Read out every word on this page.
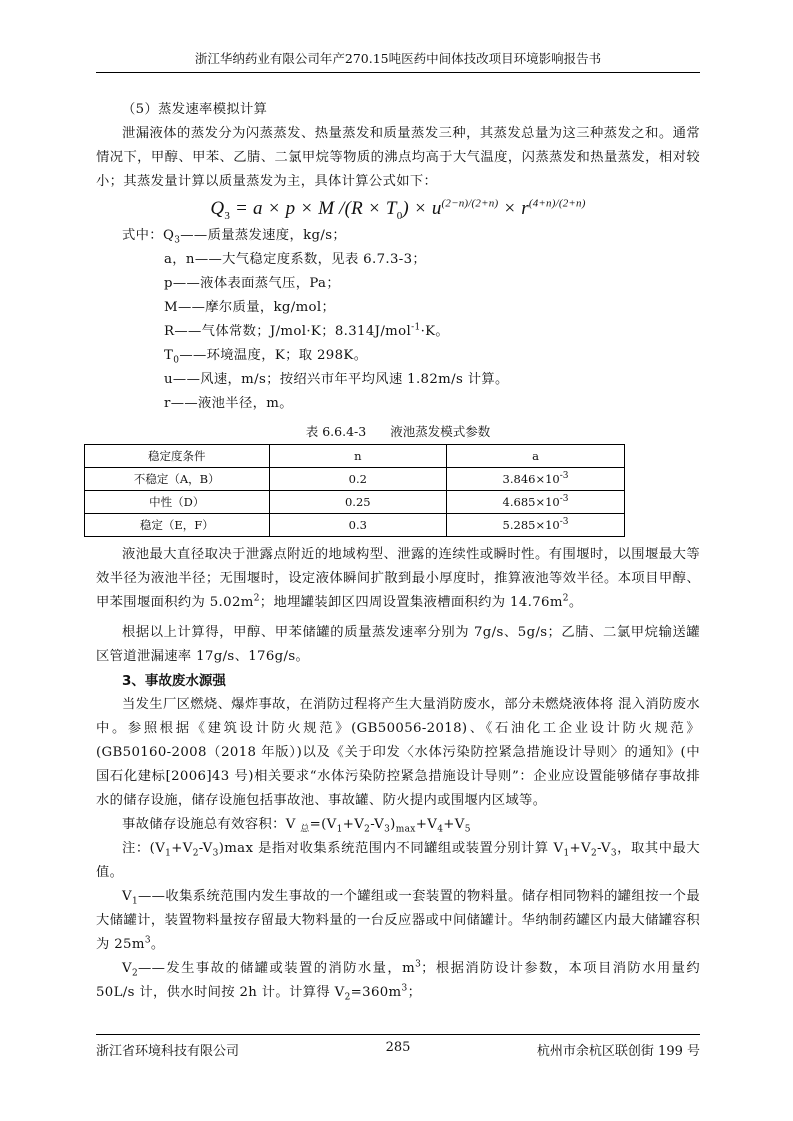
浙江华纳药业有限公司年产270.15吨医药中间体技改项目环境影响报告书

（5）蒸发速率模拟计算

泄漏液体的蒸发分为闪蒸蒸发、热量蒸发和质量蒸发三种，其蒸发总量为这三种蒸发之和。通常情况下，甲醇、甲苯、乙腈、二氯甲烷等物质的沸点均高于大气温度，闪蒸蒸发和热量蒸发，相对较小；其蒸发量计算以质量蒸发为主，具体计算公式如下：

$Q_3 = a \times p \times M$ $/(R \times T_0) \times u^{(2-n)/(2+n)} \times r^{(4+n)/(2+n)}$

式中：$Q_3——$质量蒸发速度，kg/s；

a，n——大气稳定度系数，见表 6.7.3-3；

p——液体表面蒸气压，Pa；

M——摩尔质量，kg/mol；

R——气体常数；J/mol·K；8.314J/mol$^{-1}$·K。

$T_0——$环境温度，K；取 298K。

u——风速，m/s；按绍兴市年平均风速 1.82m/s 计算。

r——液池半径，m。

表 6.6.4-3 液池蒸发模式参数
稳定度条件	n	a
不稳定（A，B）	0.2	$3.846\times 10^{-3}$
中性（D）	0.25	$4.685\times 10^{-3}$
稳定（E，F）	0.3	$5.285\times 10^{-3}$

液池最大直径取决于泄露点附近的地域构型、泄露的连续性或瞬时性。有围堰时，以围堰最大等效半径为液池半径；无围堰时，设定液体瞬间扩散到最小厚度时，推算液池等效半径。本项目甲醇、甲苯围堰面积约为 $5.02m^2$；地埋罐装卸区四周设置集液槽面积约为 $14.76m^2$。

根据以上计算得，甲醇、甲苯储罐的质量蒸发速率分别为 7g/s、5g/s；乙腈、二氯甲烷输送罐区管道泄漏速率 17g/s、176g/s。

3、事故废水源强

当发生厂区燃烧、爆炸事故，在消防过程将产生大量消防废水，部分未燃烧液体将 混入消防废水中。参照根据《建筑设计防火规范》(GB50056-2018)、《石油化工企业设计防火规范》(GB50160-2008（2018 年版）)以及《关于印发〈水体污染防控紧急措施设计导则〉的通知》(中国石化建标[2006]43 号)相关要求“水体污染防控紧急措施设计导则”：企业应设置能够储存事故排水的储存设施，储存设施包括事故池、事故罐、防火提内或围堰内区域等。

事故储存设施总有效容积：V $_总=(V_1+V_2-V_3)_{max}+V_4+V_5$

注：$(V_1+V_2-V_3)\max$ 是指对收集系统范围内不同罐组或装置分别计算 $V_1+V_2-V_3$，取其中最大值。

$V_1——$收集系统范围内发生事故的一个罐组或一套装置的物料量。储存相同物料的罐组按一个最大储罐计，装置物料量按存留最大物料量的一台反应器或中间储罐计。华纳制药罐区内最大储罐容积为 $25m^3$。

$V_2——$发生事故的储罐或装置的消防水量，$m^3$；根据消防设计参数，本项目消防水用量约 50L/s 计，供水时间按 2h 计。计算得 $V_2=360m^3$；

浙江省环境科技有限公司	285	杭州市余杭区联创街 199 号
